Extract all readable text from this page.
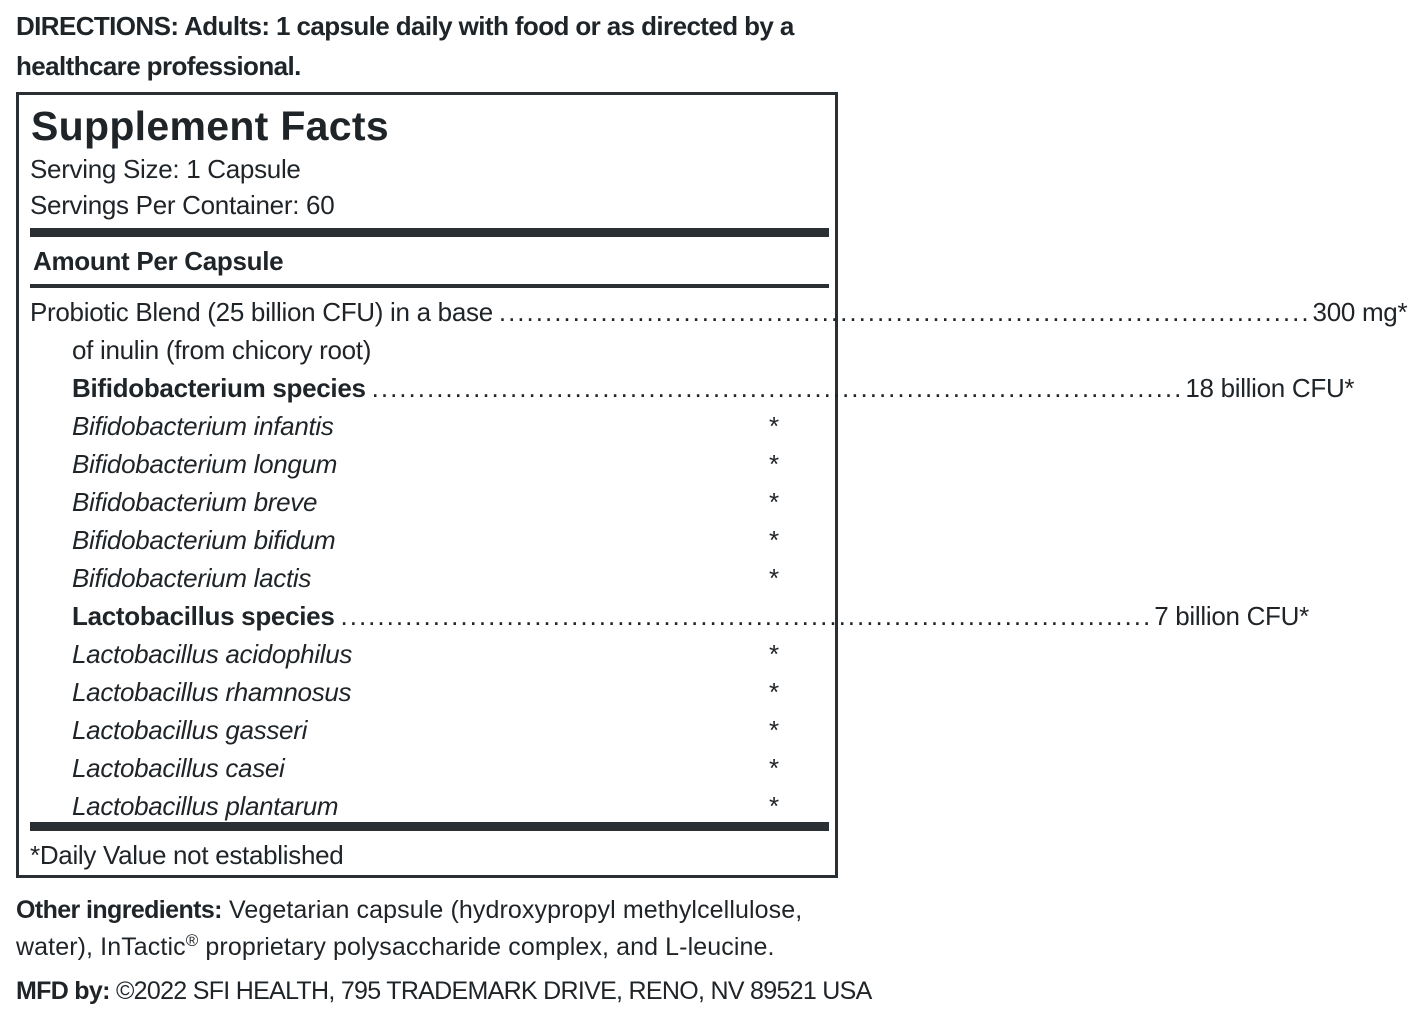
DIRECTIONS: Adults: 1 capsule daily with food or as directed by a healthcare professional.
Supplement Facts
Serving Size: 1 Capsule
Servings Per Container: 60
Amount Per Capsule
Probiotic Blend (25 billion CFU) in a base ........................................................................................ 300 mg *
of inulin (from chicory root)
Bifidobacterium species ........................................................................................ 18 billion CFU *
Bifidobacterium infantis	*
Bifidobacterium longum	*
Bifidobacterium breve	*
Bifidobacterium bifidum	*
Bifidobacterium lactis	*
Lactobacillus species ........................................................................................ 7 billion CFU *
Lactobacillus acidophilus	*
Lactobacillus rhamnosus	*
Lactobacillus gasseri	*
Lactobacillus casei	*
Lactobacillus plantarum	*
*Daily Value not established
Other ingredients: Vegetarian capsule (hydroxypropyl methylcellulose, water), InTactic® proprietary polysaccharide complex, and L-leucine.
MFD by: ©2022 SFI HEALTH, 795 TRADEMARK DRIVE, RENO, NV 89521 USA
